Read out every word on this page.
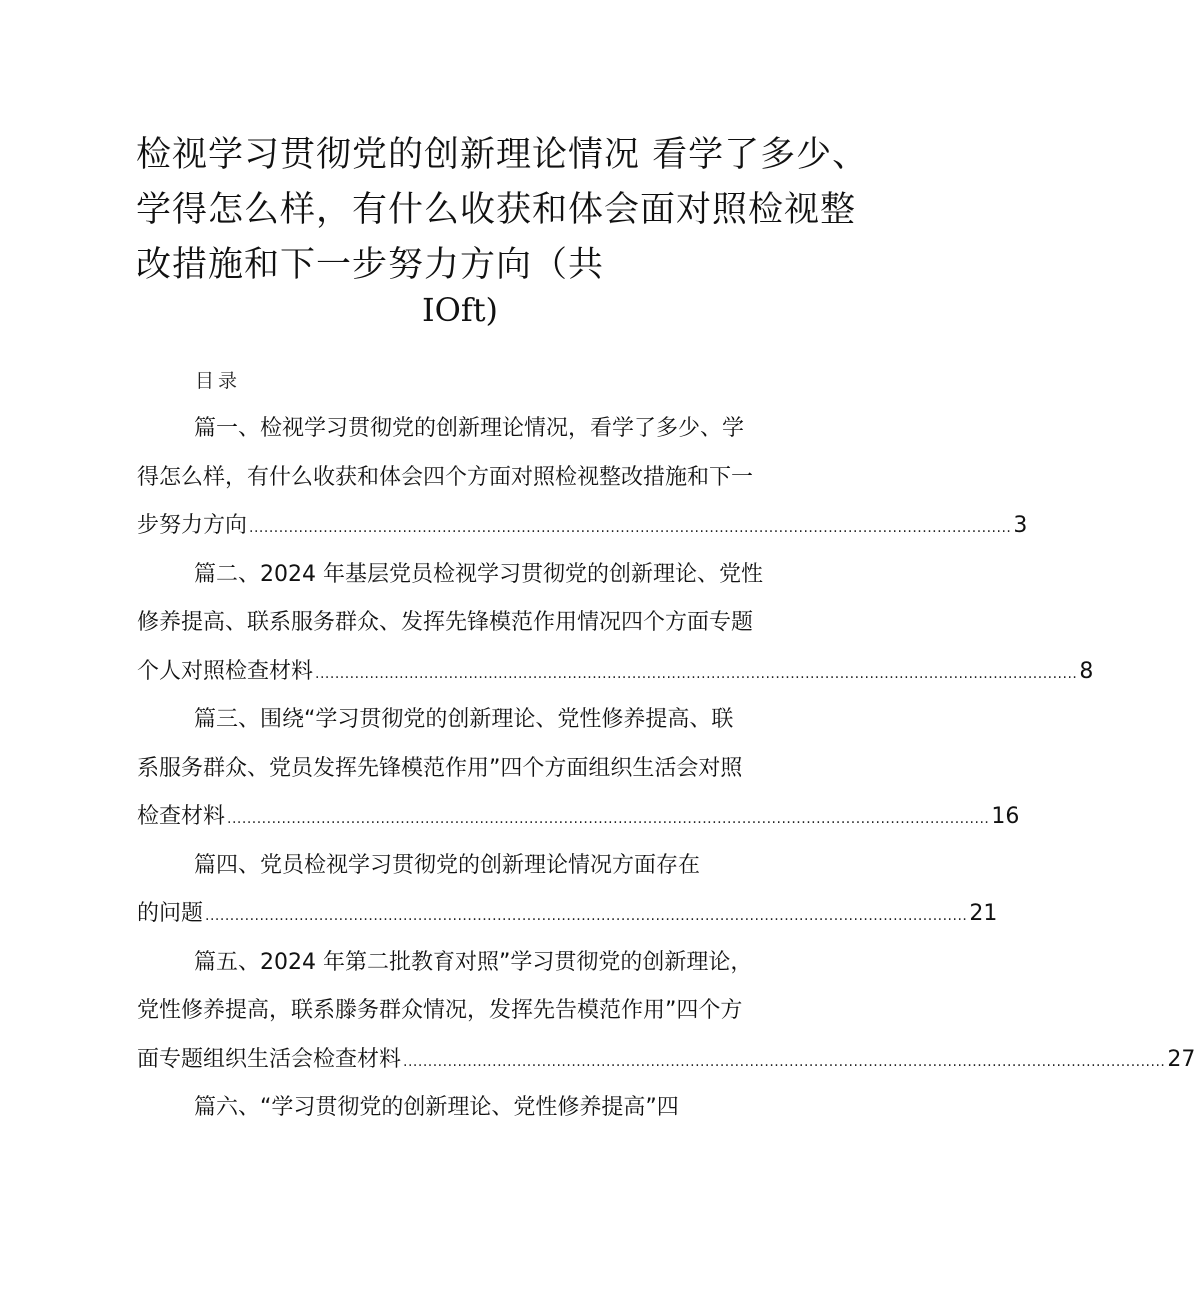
检视学习贯彻党的创新理论情况 看学了多少、
学得怎么样，有什么收获和体会面对照检视整
改措施和下一步努力方向（共
IOft)
目录
篇一、检视学习贯彻党的创新理论情况，看学了多少、学
得怎么样，有什么收获和体会四个方面对照检视整改措施和下一
步努力方向 .......................................................................................................................................................... 3
篇二、2024 年基层党员检视学习贯彻党的创新理论、党性
修养提高、联系服务群众、发挥先锋模范作用情况四个方面专题
个人对照检查材料 .......................................................................................................................................................... 8
篇三、围绕“学习贯彻党的创新理论、党性修养提高、联
系服务群众、党员发挥先锋模范作用”四个方面组织生活会对照
检查材料 .......................................................................................................................................................... 16
篇四、党员检视学习贯彻党的创新理论情况方面存在
的问题 .......................................................................................................................................................... 21
篇五、2024 年第二批教育对照”学习贯彻党的创新理论，
党性修养提高，联系滕务群众情况，发挥先告模范作用”四个方
面专题组织生活会检查材料 .......................................................................................................................................................... 27
篇六、“学习贯彻党的创新理论、党性修养提高”四
